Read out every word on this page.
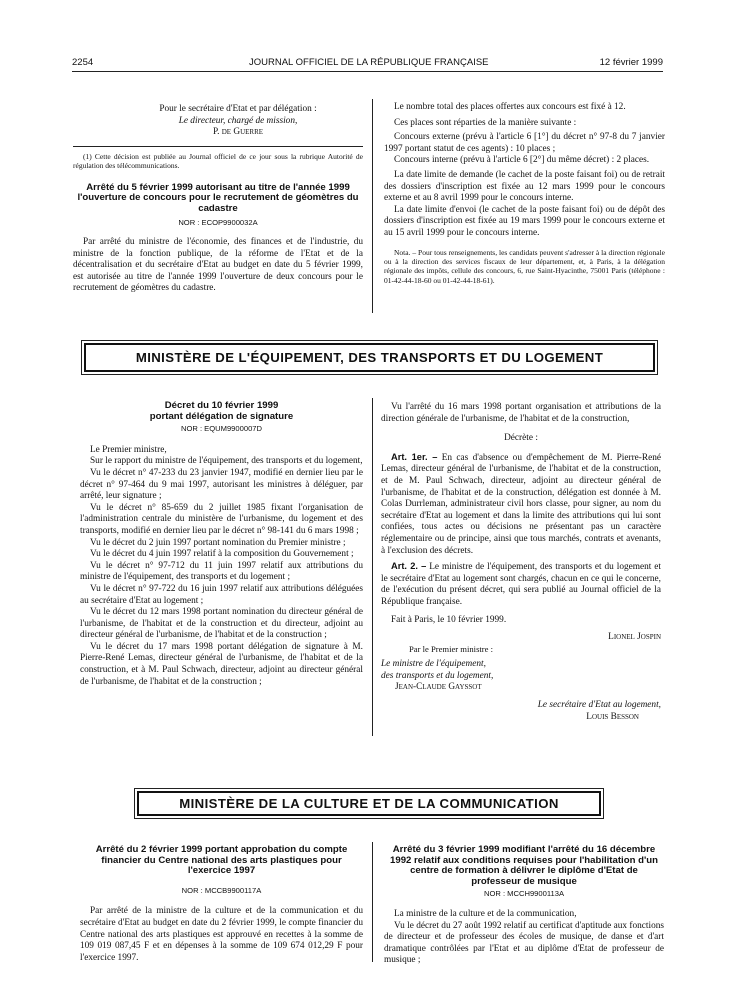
2254	JOURNAL OFFICIEL DE LA RÉPUBLIQUE FRANÇAISE	12 février 1999
Pour le secrétaire d'Etat et par délégation :
Le directeur, chargé de mission,
P. de Guerre

(1) Cette décision est publiée au Journal officiel de ce jour sous la rubrique Autorité de régulation des télécommunications.

Arrêté du 5 février 1999 autorisant au titre de l'année 1999 l'ouverture de concours pour le recrutement de géomètres du cadastre
NOR : ECOP9900032A

Par arrêté du ministre de l'économie, des finances et de l'industrie, du ministre de la fonction publique, de la réforme de l'Etat et de la décentralisation et du secrétaire d'Etat au budget en date du 5 février 1999, est autorisée au titre de l'année 1999 l'ouverture de deux concours pour le recrutement de géomètres du cadastre.

Le nombre total des places offertes aux concours est fixé à 12.

Ces places sont réparties de la manière suivante :

Concours externe (prévu à l'article 6 [1°] du décret n° 97-8 du 7 janvier 1997 portant statut de ces agents) : 10 places ;

Concours interne (prévu à l'article 6 [2°] du même décret) : 2 places.

La date limite de demande (le cachet de la poste faisant foi) ou de retrait des dossiers d'inscription est fixée au 12 mars 1999 pour le concours externe et au 8 avril 1999 pour le concours interne.

La date limite d'envoi (le cachet de la poste faisant foi) ou de dépôt des dossiers d'inscription est fixée au 19 mars 1999 pour le concours externe et au 15 avril 1999 pour le concours interne.

Nota. – Pour tous renseignements, les candidats peuvent s'adresser à la direction régionale ou à la direction des services fiscaux de leur département, et, à Paris, à la délégation régionale des impôts, cellule des concours, 6, rue Saint-Hyacinthe, 75001 Paris (téléphone : 01-42-44-18-60 ou 01-42-44-18-61).

MINISTÈRE DE L'ÉQUIPEMENT, DES TRANSPORTS ET DU LOGEMENT
Décret du 10 février 1999
portant délégation de signature
NOR : EQUM9900007D

Le Premier ministre,

Sur le rapport du ministre de l'équipement, des transports et du logement,

Vu le décret n° 47-233 du 23 janvier 1947, modifié en dernier lieu par le décret n° 97-464 du 9 mai 1997, autorisant les ministres à déléguer, par arrêté, leur signature ;

Vu le décret n° 85-659 du 2 juillet 1985 fixant l'organisation de l'administration centrale du ministère de l'urbanisme, du logement et des transports, modifié en dernier lieu par le décret n° 98-141 du 6 mars 1998 ;

Vu le décret du 2 juin 1997 portant nomination du Premier ministre ;

Vu le décret du 4 juin 1997 relatif à la composition du Gouvernement ;

Vu le décret n° 97-712 du 11 juin 1997 relatif aux attributions du ministre de l'équipement, des transports et du logement ;

Vu le décret n° 97-722 du 16 juin 1997 relatif aux attributions déléguées au secrétaire d'Etat au logement ;

Vu le décret du 12 mars 1998 portant nomination du directeur général de l'urbanisme, de l'habitat et de la construction et du directeur, adjoint au directeur général de l'urbanisme, de l'habitat et de la construction ;

Vu le décret du 17 mars 1998 portant délégation de signature à M. Pierre-René Lemas, directeur général de l'urbanisme, de l'habitat et de la construction, et à M. Paul Schwach, directeur, adjoint au directeur général de l'urbanisme, de l'habitat et de la construction ;

Vu l'arrêté du 16 mars 1998 portant organisation et attributions de la direction générale de l'urbanisme, de l'habitat et de la construction,

Décrète :

Art. 1er. – En cas d'absence ou d'empêchement de M. Pierre-René Lemas, directeur général de l'urbanisme, de l'habitat et de la construction, et de M. Paul Schwach, directeur, adjoint au directeur général de l'urbanisme, de l'habitat et de la construction, délégation est donnée à M. Colas Durrleman, administrateur civil hors classe, pour signer, au nom du secrétaire d'Etat au logement et dans la limite des attributions qui lui sont confiées, tous actes ou décisions ne présentant pas un caractère réglementaire ou de principe, ainsi que tous marchés, contrats et avenants, à l'exclusion des décrets.

Art. 2. – Le ministre de l'équipement, des transports et du logement et le secrétaire d'Etat au logement sont chargés, chacun en ce qui le concerne, de l'exécution du présent décret, qui sera publié au Journal officiel de la République française.

Fait à Paris, le 10 février 1999.

Lionel Jospin

Par le Premier ministre :

Le ministre de l'équipement,

des transports et du logement,

Jean-Claude Gayssot

Le secrétaire d'Etat au logement,

Louis Besson

MINISTÈRE DE LA CULTURE ET DE LA COMMUNICATION
Arrêté du 2 février 1999 portant approbation du compte financier du Centre national des arts plastiques pour l'exercice 1997
NOR : MCCB9900117A

Par arrêté de la ministre de la culture et de la communication et du secrétaire d'Etat au budget en date du 2 février 1999, le compte financier du Centre national des arts plastiques est approuvé en recettes à la somme de 109 019 087,45 F et en dépenses à la somme de 109 674 012,29 F pour l'exercice 1997.

Arrêté du 3 février 1999 modifiant l'arrêté du 16 décembre 1992 relatif aux conditions requises pour l'habilitation d'un centre de formation à délivrer le diplôme d'Etat de professeur de musique
NOR : MCCH9900113A

La ministre de la culture et de la communication,

Vu le décret du 27 août 1992 relatif au certificat d'aptitude aux fonctions de directeur et de professeur des écoles de musique, de danse et d'art dramatique contrôlées par l'Etat et au diplôme d'Etat de professeur de musique ;
